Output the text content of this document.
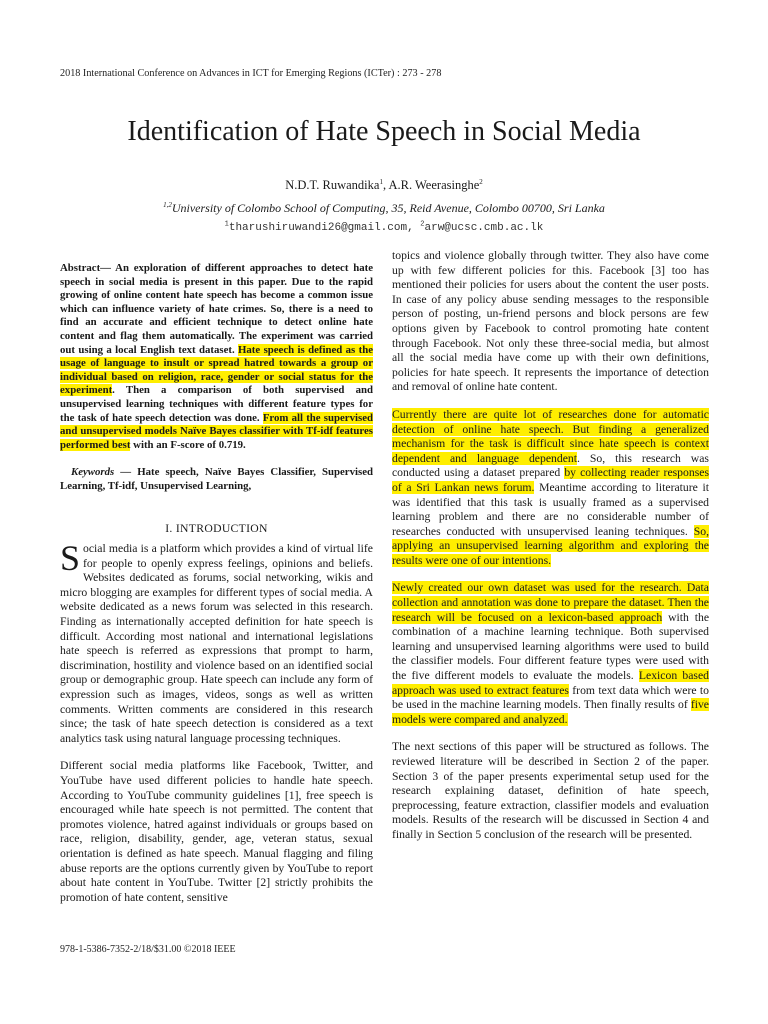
2018 International Conference on Advances in ICT for Emerging Regions (ICTer) : 273 - 278
Identification of Hate Speech in Social Media
N.D.T. Ruwandika$^1$, A.R. Weerasinghe$^2$
$^{1,2}$University of Colombo School of Computing, 35, Reid Avenue, Colombo 00700, Sri Lanka
$^1$tharushiruwandi26@gmail.com, $^2$arw@ucsc.cmb.ac.lk

Abstract— An exploration of different approaches to detect hate speech in social media is present in this paper. Due to the rapid growing of online content hate speech has become a common issue which can influence variety of hate crimes. So, there is a need to find an accurate and efficient technique to detect online hate content and flag them automatically. The experiment was carried out using a local English text dataset. Hate speech is defined as the usage of language to insult or spread hatred towards a group or individual based on religion, race, gender or social status for the experiment. Then a comparison of both supervised and unsupervised learning techniques with different feature types for the task of hate speech detection was done. From all the supervised and unsupervised models Naïve Bayes classifier with Tf-idf features performed best with an F-score of 0.719.

Keywords — Hate speech, Naïve Bayes Classifier, Supervised Learning, Tf-idf, Unsupervised Learning,

I. INTRODUCTION

Social media is a platform which provides a kind of virtual life for people to openly express feelings, opinions and beliefs. Websites dedicated as forums, social networking, wikis and micro blogging are examples for different types of social media. A website dedicated as a news forum was selected in this research. Finding as internationally accepted definition for hate speech is difficult. According most national and international legislations hate speech is referred as expressions that prompt to harm, discrimination, hostility and violence based on an identified social group or demographic group. Hate speech can include any form of expression such as images, videos, songs as well as written comments. Written comments are considered in this research since; the task of hate speech detection is considered as a text analytics task using natural language processing techniques.

Different social media platforms like Facebook, Twitter, and YouTube have used different policies to handle hate speech. According to YouTube community guidelines [1], free speech is encouraged while hate speech is not permitted. The content that promotes violence, hatred against individuals or groups based on race, religion, disability, gender, age, veteran status, sexual orientation is defined as hate speech. Manual flagging and filing abuse reports are the options currently given by YouTube to report about hate content in YouTube. Twitter [2] strictly prohibits the promotion of hate content, sensitive

topics and violence globally through twitter. They also have come up with few different policies for this. Facebook [3] too has mentioned their policies for users about the content the user posts. In case of any policy abuse sending messages to the responsible person of posting, un-friend persons and block persons are few options given by Facebook to control promoting hate content through Facebook. Not only these three-social media, but almost all the social media have come up with their own definitions, policies for hate speech. It represents the importance of detection and removal of online hate content.

Currently there are quite lot of researches done for automatic detection of online hate speech. But finding a generalized mechanism for the task is difficult since hate speech is context dependent and language dependent. So, this research was conducted using a dataset prepared by collecting reader responses of a Sri Lankan news forum. Meantime according to literature it was identified that this task is usually framed as a supervised learning problem and there are no considerable number of researches conducted with unsupervised leaning techniques. So, applying an unsupervised learning algorithm and exploring the results were one of our intentions.

Newly created our own dataset was used for the research. Data collection and annotation was done to prepare the dataset. Then the research will be focused on a lexicon-based approach with the combination of a machine learning technique. Both supervised learning and unsupervised learning algorithms were used to build the classifier models. Four different feature types were used with the five different models to evaluate the models. Lexicon based approach was used to extract features from text data which were to be used in the machine learning models. Then finally results of five models were compared and analyzed.

The next sections of this paper will be structured as follows. The reviewed literature will be described in Section 2 of the paper. Section 3 of the paper presents experimental setup used for the research explaining dataset, definition of hate speech, preprocessing, feature extraction, classifier models and evaluation models. Results of the research will be discussed in Section 4 and finally in Section 5 conclusion of the research will be presented.

978-1-5386-7352-2/18/$31.00 ©2018 IEEE
